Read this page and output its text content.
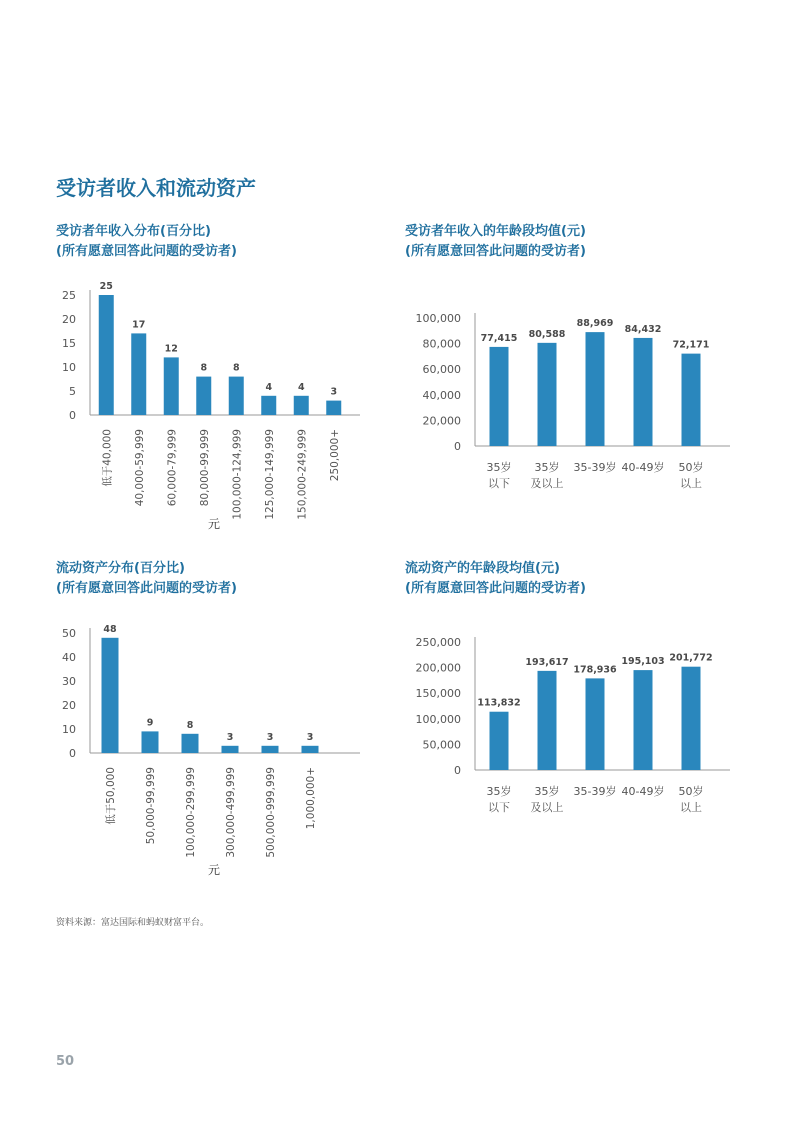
受访者收入和流动资产
受访者年收入分布(百分比)
(所有愿意回答此问题的受访者)
受访者年收入的年龄段均值(元)
(所有愿意回答此问题的受访者)
流动资产分布(百分比)
(所有愿意回答此问题的受访者)
流动资产的年龄段均值(元)
(所有愿意回答此问题的受访者)
0
5
10
15
20
25
25
低于40,000
17
40,000-59,999
12
60,000-79,999
8
80,000-99,999
8
100,000-124,999
4
125,000-149,999
4
150,000-249,999
3
250,000+
元
0
20,000
40,000
60,000
80,000
100,000
77,415
35岁
以下
80,588
35岁
及以上
88,969
35-39岁
84,432
40-49岁
72,171
50岁
以上
0
10
20
30
40
50	48
低于50,000
9
50,000-99,999
8
100,000-299,999
3
300,000-499,999
3
500,000-999,999
3
1,000,000+
元
0
50,000
100,000
150,000
200,000
250,000
113,832
35岁
以下
193,617
35岁
及以上
178,936
35-39岁
195,103
40-49岁
201,772
50岁
以上
资料来源：富达国际和蚂蚁财富平台。
50
